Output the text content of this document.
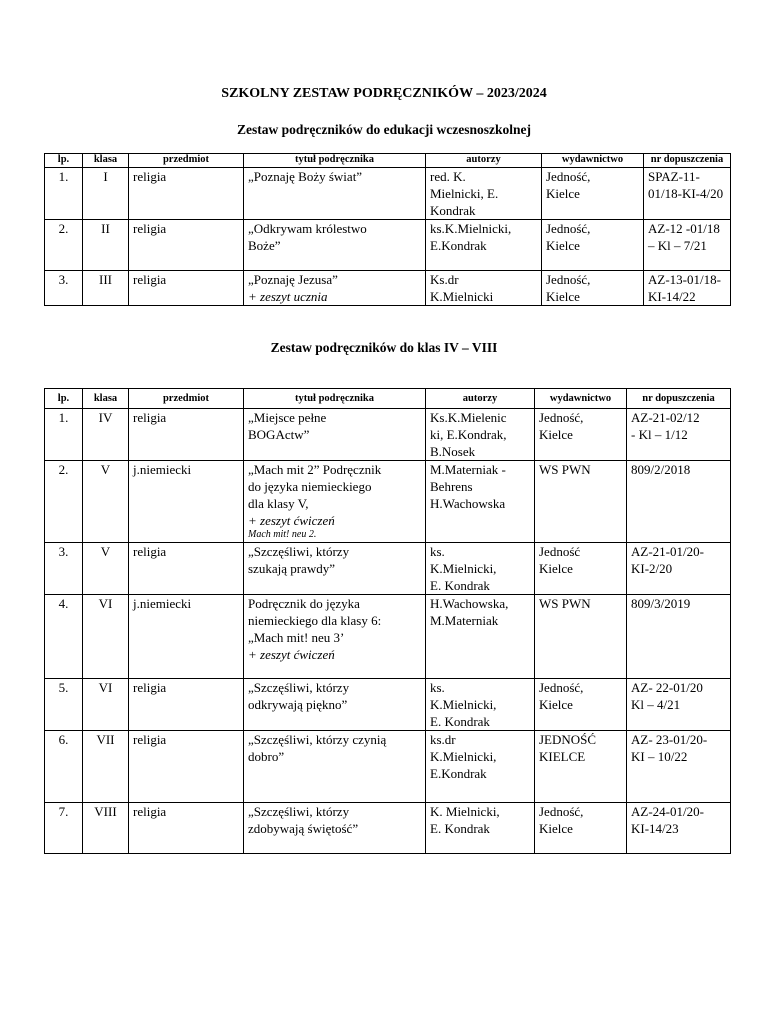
SZKOLNY ZESTAW PODRĘCZNIKÓW – 2023/2024
Zestaw podręczników do edukacji wczesnoszkolnej
lp.	klasa	przedmiot	tytuł podręcznika	autorzy	wydawnictwo	nr dopuszczenia
1.	I	religia	„Poznaję Boży świat”	red. K.
Mielnicki, E.
Kondrak	Jedność,
Kielce	SPAZ-11-
01/18-KI-4/20

2.	II	religia	„Odkrywam królestwo
Boże”	ks.K.Mielnicki,
E.Kondrak	Jedność,
Kielce	AZ-12 -01/18
– Kl – 7/21

3.	III	religia	„Poznaję Jezusa”
+ zeszyt ucznia	Ks.dr
K.Mielnicki	Jedność,
Kielce	AZ-13-01/18-
KI-14/22
Zestaw podręczników do klas IV – VIII
lp.	klasa	przedmiot	tytuł podręcznika	autorzy	wydawnictwo	nr dopuszczenia
1.	IV	religia	„Miejsce pełne
BOGActw”	Ks.K.Mielenic
ki, E.Kondrak,
B.Nosek	Jedność,
Kielce	AZ-21-02/12
- Kl – 1/12

2.	V	j.niemiecki	„Mach mit 2” Podręcznik
do języka niemieckiego
dla klasy V,
+ zeszyt ćwiczeń
Mach mit! neu 2.	M.Materniak -
Behrens
H.Wachowska	WS PWN	809/2/2018

3.	V	religia	„Szczęśliwi, którzy
szukają prawdy”	ks.
K.Mielnicki,
E. Kondrak	Jedność
Kielce	AZ-21-01/20-
KI-2/20

4.	VI	j.niemiecki	Podręcznik do języka
niemieckiego dla klasy 6:
„Mach mit! neu 3’
+ zeszyt ćwiczeń	H.Wachowska,
M.Materniak	WS PWN	809/3/2019

5.	VI	religia	„Szczęśliwi, którzy
odkrywają piękno”	ks.
K.Mielnicki,
E. Kondrak	Jedność,
Kielce	AZ- 22-01/20
Kl – 4/21

6.	VII	religia	„Szczęśliwi, którzy czynią
dobro”	ks.dr
K.Mielnicki,
E.Kondrak	JEDNOŚĆ
KIELCE	AZ- 23-01/20-
KI – 10/22

7.	VIII	religia	„Szczęśliwi, którzy
zdobywają świętość”	K. Mielnicki,
E. Kondrak	Jedność,
Kielce	AZ-24-01/20-
KI-14/23
